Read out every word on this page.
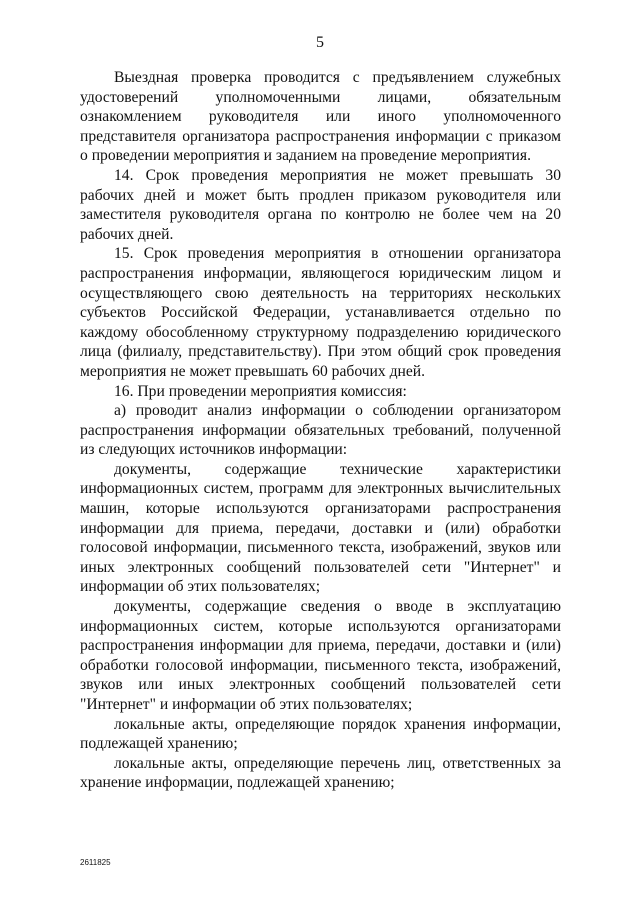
5

Выездная проверка проводится с предъявлением служебных удостоверений уполномоченными лицами, обязательным ознакомлением руководителя или иного уполномоченного представителя организатора распространения информации с приказом о проведении мероприятия и заданием на проведение мероприятия.

14. Срок проведения мероприятия не может превышать 30 рабочих дней и может быть продлен приказом руководителя или заместителя руководителя органа по контролю не более чем на 20 рабочих дней.

15. Срок проведения мероприятия в отношении организатора распространения информации, являющегося юридическим лицом и осуществляющего свою деятельность на территориях нескольких субъектов Российской Федерации, устанавливается отдельно по каждому обособленному структурному подразделению юридического лица (филиалу, представительству). При этом общий срок проведения мероприятия не может превышать 60 рабочих дней.

16. При проведении мероприятия комиссия:

а) проводит анализ информации о соблюдении организатором распространения информации обязательных требований, полученной из следующих источников информации:

документы, содержащие технические характеристики информационных систем, программ для электронных вычислительных машин, которые используются организаторами распространения информации для приема, передачи, доставки и (или) обработки голосовой информации, письменного текста, изображений, звуков или иных электронных сообщений пользователей сети "Интернет" и информации об этих пользователях;

документы, содержащие сведения о вводе в эксплуатацию информационных систем, которые используются организаторами распространения информации для приема, передачи, доставки и (или) обработки голосовой информации, письменного текста, изображений, звуков или иных электронных сообщений пользователей сети "Интернет" и информации об этих пользователях;

локальные акты, определяющие порядок хранения информации, подлежащей хранению;

локальные акты, определяющие перечень лиц, ответственных за хранение информации, подлежащей хранению;

2611825
